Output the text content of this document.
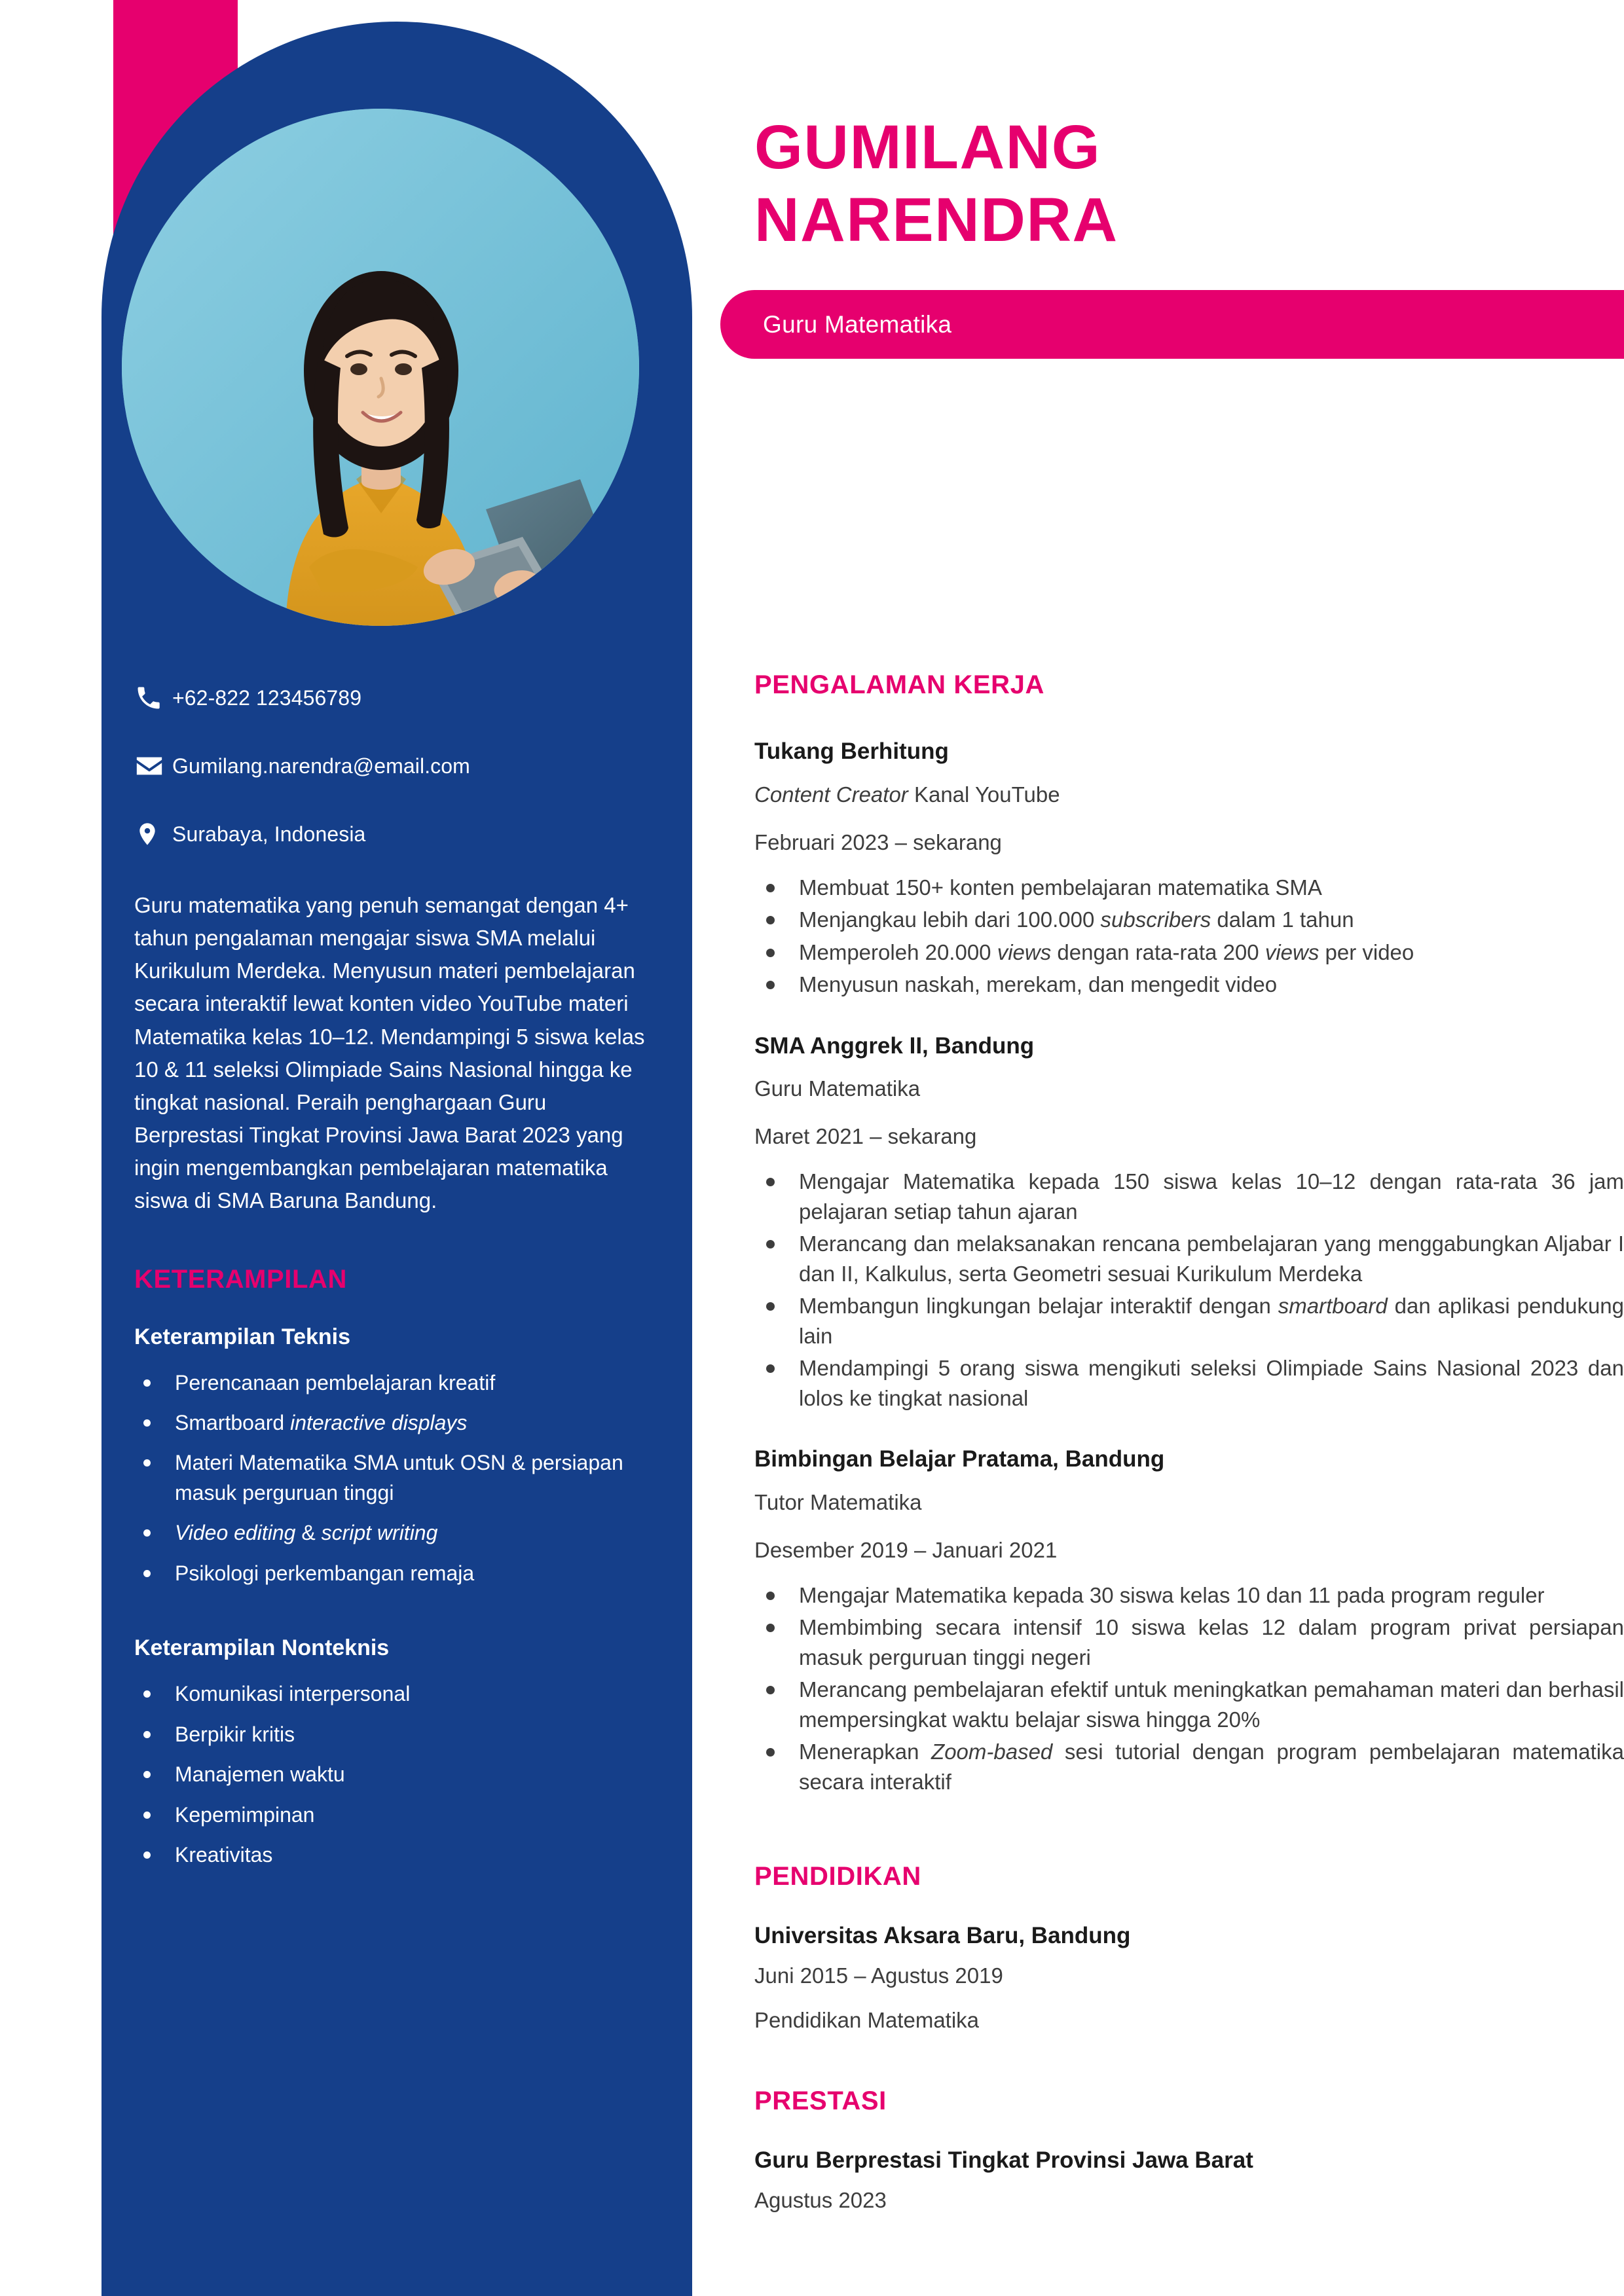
+62-822 123456789
Gumilang.narendra@email.com
Surabaya, Indonesia

Guru matematika yang penuh semangat dengan 4+ tahun pengalaman mengajar siswa SMA melalui Kurikulum Merdeka. Menyusun materi pembelajaran secara interaktif lewat konten video YouTube materi Matematika kelas 10–12. Mendampingi 5 siswa kelas 10 & 11 seleksi Olimpiade Sains Nasional hingga ke tingkat nasional. Peraih penghargaan Guru Berprestasi Tingkat Provinsi Jawa Barat 2023 yang ingin mengembangkan pembelajaran matematika siswa di SMA Baruna Bandung.

KETERAMPILAN
Keterampilan Teknis
Perencanaan pembelajaran kreatif
Smartboard interactive displays
Materi Matematika SMA untuk OSN & persiapan masuk perguruan tinggi
Video editing & script writing
Psikologi perkembangan remaja
Keterampilan Nonteknis
Komunikasi interpersonal
Berpikir kritis
Manajemen waktu
Kepemimpinan
Kreativitas
GUMILANG
NARENDRA
Guru Matematika
PENGALAMAN KERJA
Tukang Berhitung
Content Creator Kanal YouTube
Februari 2023 – sekarang
Membuat 150+ konten pembelajaran matematika SMA
Menjangkau lebih dari 100.000 subscribers dalam 1 tahun
Memperoleh 20.000 views dengan rata-rata 200 views per video
Menyusun naskah, merekam, dan mengedit video
SMA Anggrek II, Bandung
Guru Matematika
Maret 2021 – sekarang
Mengajar Matematika kepada 150 siswa kelas 10–12 dengan rata-rata 36 jam pelajaran setiap tahun ajaran
Merancang dan melaksanakan rencana pembelajaran yang menggabungkan Aljabar I dan II, Kalkulus, serta Geometri sesuai Kurikulum Merdeka
Membangun lingkungan belajar interaktif dengan smartboard dan aplikasi pendukung lain
Mendampingi 5 orang siswa mengikuti seleksi Olimpiade Sains Nasional 2023 dan lolos ke tingkat nasional
Bimbingan Belajar Pratama, Bandung
Tutor Matematika
Desember 2019 – Januari 2021
Mengajar Matematika kepada 30 siswa kelas 10 dan 11 pada program reguler
Membimbing secara intensif 10 siswa kelas 12 dalam program privat persiapan masuk perguruan tinggi negeri
Merancang pembelajaran efektif untuk meningkatkan pemahaman materi dan berhasil mempersingkat waktu belajar siswa hingga 20%
Menerapkan Zoom-based sesi tutorial dengan program pembelajaran matematika secara interaktif
PENDIDIKAN
Universitas Aksara Baru, Bandung
Juni 2015 – Agustus 2019
Pendidikan Matematika
PRESTASI
Guru Berprestasi Tingkat Provinsi Jawa Barat
Agustus 2023
